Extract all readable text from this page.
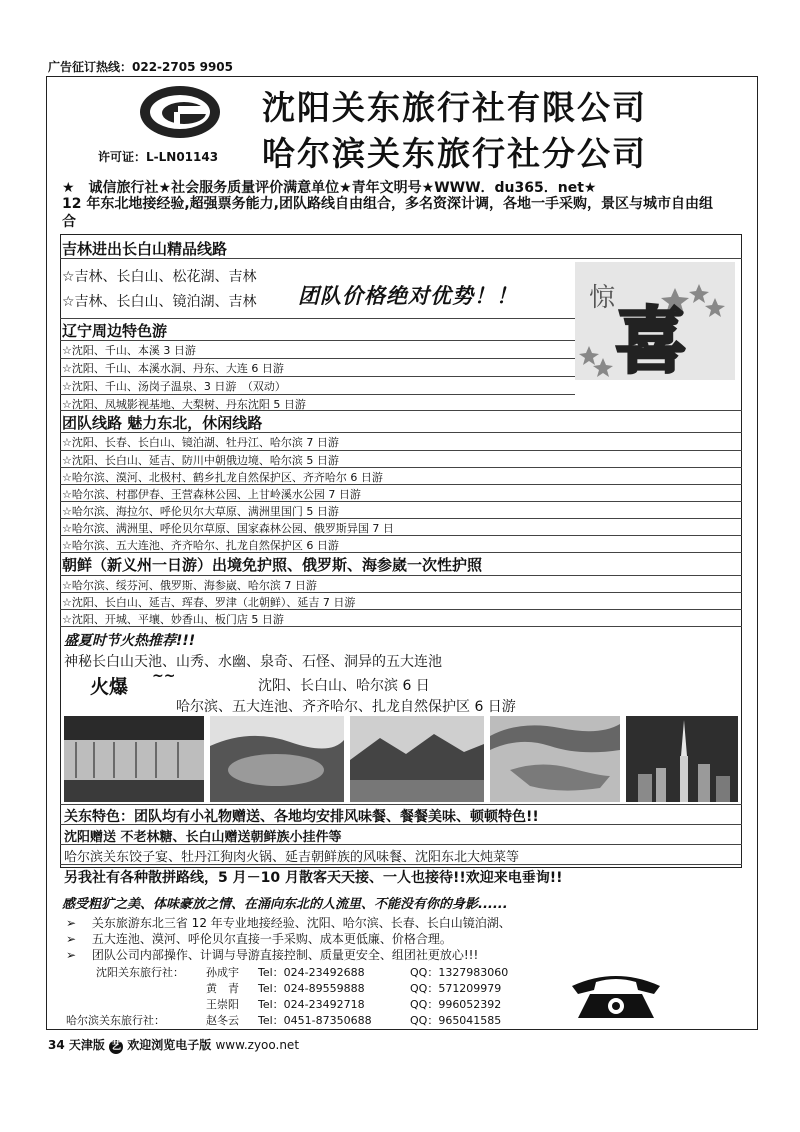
广告征订热线：022-2705 9905
许可证：L-LN01143
沈阳关东旅行社有限公司
哈尔滨关东旅行社分公司
★　诚信旅行社★社会服务质量评价满意单位★青年文明号★WWW．du365．net★
12 年东北地接经验,超强票务能力,团队路线自由组合，多名资深计调，各地一手采购，景区与城市自由组合
吉林进出长白山精品线路
☆吉林、长白山、松花湖、吉林
☆吉林、长白山、镜泊湖、吉林 团队价格绝对优势！！	惊
喜
辽宁周边特色游
☆沈阳、千山、本溪 3 日游
☆沈阳、千山、本溪水洞、丹东、大连 6 日游
☆沈阳、千山、汤岗子温泉、3 日游　（双动）
☆沈阳、凤城影视基地、大梨树、丹东沈阳 5 日游
团队线路 魅力东北，休闲线路
☆沈阳、长春、长白山、镜泊湖、牡丹江、哈尔滨 7 日游
☆沈阳、长白山、延吉、防川中朝俄边境、哈尔滨 5 日游
☆哈尔滨、漠河、北极村、鹤乡扎龙自然保护区、齐齐哈尔 6 日游
☆哈尔滨、村郡伊春、王营森林公园、上甘岭溪水公园 7 日游
☆哈尔滨、海拉尔、呼伦贝尔大草原、满洲里国门 5 日游
☆哈尔滨、满洲里、呼伦贝尔草原、国家森林公园、俄罗斯异国 7 日
☆哈尔滨、五大连池、齐齐哈尔、扎龙自然保护区 6 日游
朝鲜（新义州一日游）出境免护照、俄罗斯、海参崴一次性护照
☆哈尔滨、绥芬河、俄罗斯、海参崴、哈尔滨 7 日游
☆沈阳、长白山、延吉、珲春、罗津（北朝鲜）、延吉 7 日游
☆沈阳、开城、平壤、妙香山、板门店 5 日游
盛夏时节火热推荐!!!
神秘长白山天池、山秀、水幽、泉奇、石怪、洞异的五大连池
火爆 ~~
沈阳、长白山、哈尔滨 6 日
哈尔滨、五大连池、齐齐哈尔、扎龙自然保护区 6 日游
关东特色：团队均有小礼物赠送、各地均安排风味餐、餐餐美味、顿顿特色!!
沈阳赠送 不老林糖、长白山赠送朝鲜族小挂件等
哈尔滨关东饺子宴、牡丹江狗肉火锅、延吉朝鲜族的风味餐、沈阳东北大炖菜等
另我社有各种散拼路线，5 月－10 月散客天天接、一人也接待!!欢迎来电垂询!!
感受粗犷之美、体味豪放之情、在涌向东北的人流里、不能没有你的身影......
➢　 关东旅游东北三省 12 年专业地接经验、沈阳、哈尔滨、长春、长白山镜泊湖、
➢　 五大连池、漠河、呼伦贝尔直接一手采购、成本更低廉、价格合理。
➢　 团队公司内部操作、计调与导游直接控制、质量更安全、组团社更放心!!!
沈阳关东旅行社： 孙成宇 Tel：024-23492688	QQ：1327983060
黄　青 Tel：024-89559888	QQ：571209979
王崇阳 Tel：024-23492718	QQ：996052392
哈尔滨关东旅行社：	赵冬云 Tel：0451-87350688	QQ：965041585
34 天津版 艺 欢迎浏览电子版 www.zyoo.net
